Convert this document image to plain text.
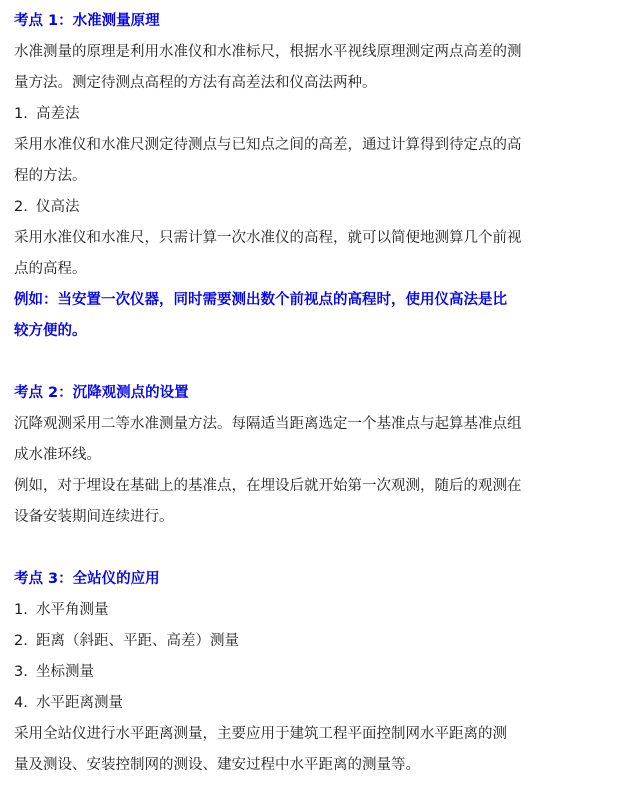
考点 1：水准测量原理
水准测量的原理是利用水准仪和水准标尺，根据水平视线原理测定两点高差的测
量方法。测定待测点高程的方法有高差法和仪高法两种。
1. 高差法
采用水准仪和水准尺测定待测点与已知点之间的高差，通过计算得到待定点的高
程的方法。
2. 仪高法
采用水准仪和水准尺，只需计算一次水准仪的高程，就可以简便地测算几个前视
点的高程。
例如：当安置一次仪器，同时需要测出数个前视点的高程时，使用仪高法是比
较方便的。
考点 2：沉降观测点的设置
沉降观测采用二等水准测量方法。每隔适当距离选定一个基准点与起算基准点组
成水准环线。
例如，对于埋设在基础上的基准点，在埋设后就开始第一次观测，随后的观测在
设备安装期间连续进行。
考点 3：全站仪的应用
1. 水平角测量
2. 距离（斜距、平距、高差）测量
3. 坐标测量
4. 水平距离测量
采用全站仪进行水平距离测量，主要应用于建筑工程平面控制网水平距离的测
量及测设、安装控制网的测设、建安过程中水平距离的测量等。
